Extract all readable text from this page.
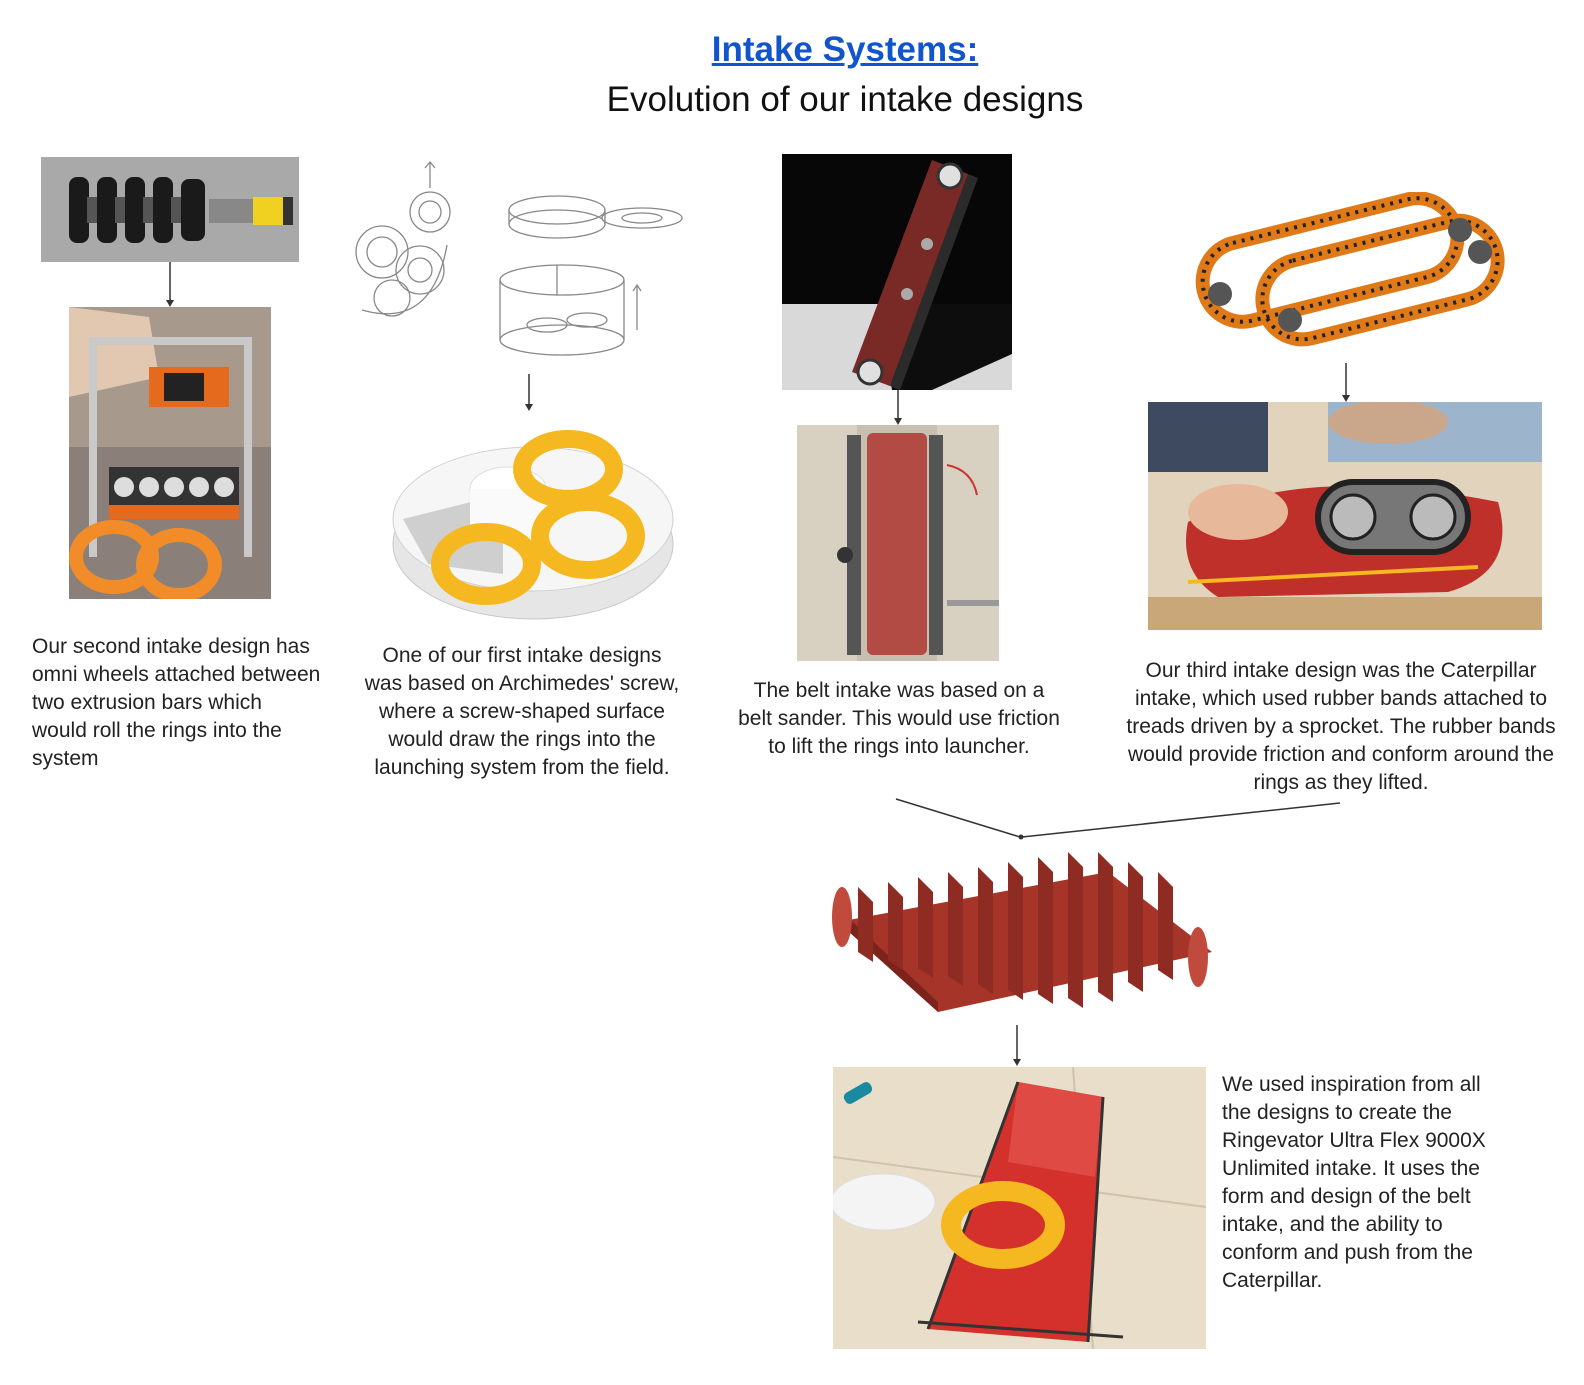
Intake Systems:
Evolution of our intake designs
Our second intake design has omni wheels attached between two extrusion bars which would roll the rings into the system
One of our first intake designs was based on Archimedes' screw, where a screw-shaped surface would draw the rings into the launching system from the field.
The belt intake was based on a belt sander. This would use friction to lift the rings into launcher.
Our third intake design was the Caterpillar intake, which used rubber bands attached to treads driven by a sprocket. The rubber bands would provide friction and conform around the rings as they lifted.
We used inspiration from all the designs to create the Ringevator Ultra Flex 9000X Unlimited intake. It uses the form and design of the belt intake, and the ability to conform and push from the Caterpillar.
